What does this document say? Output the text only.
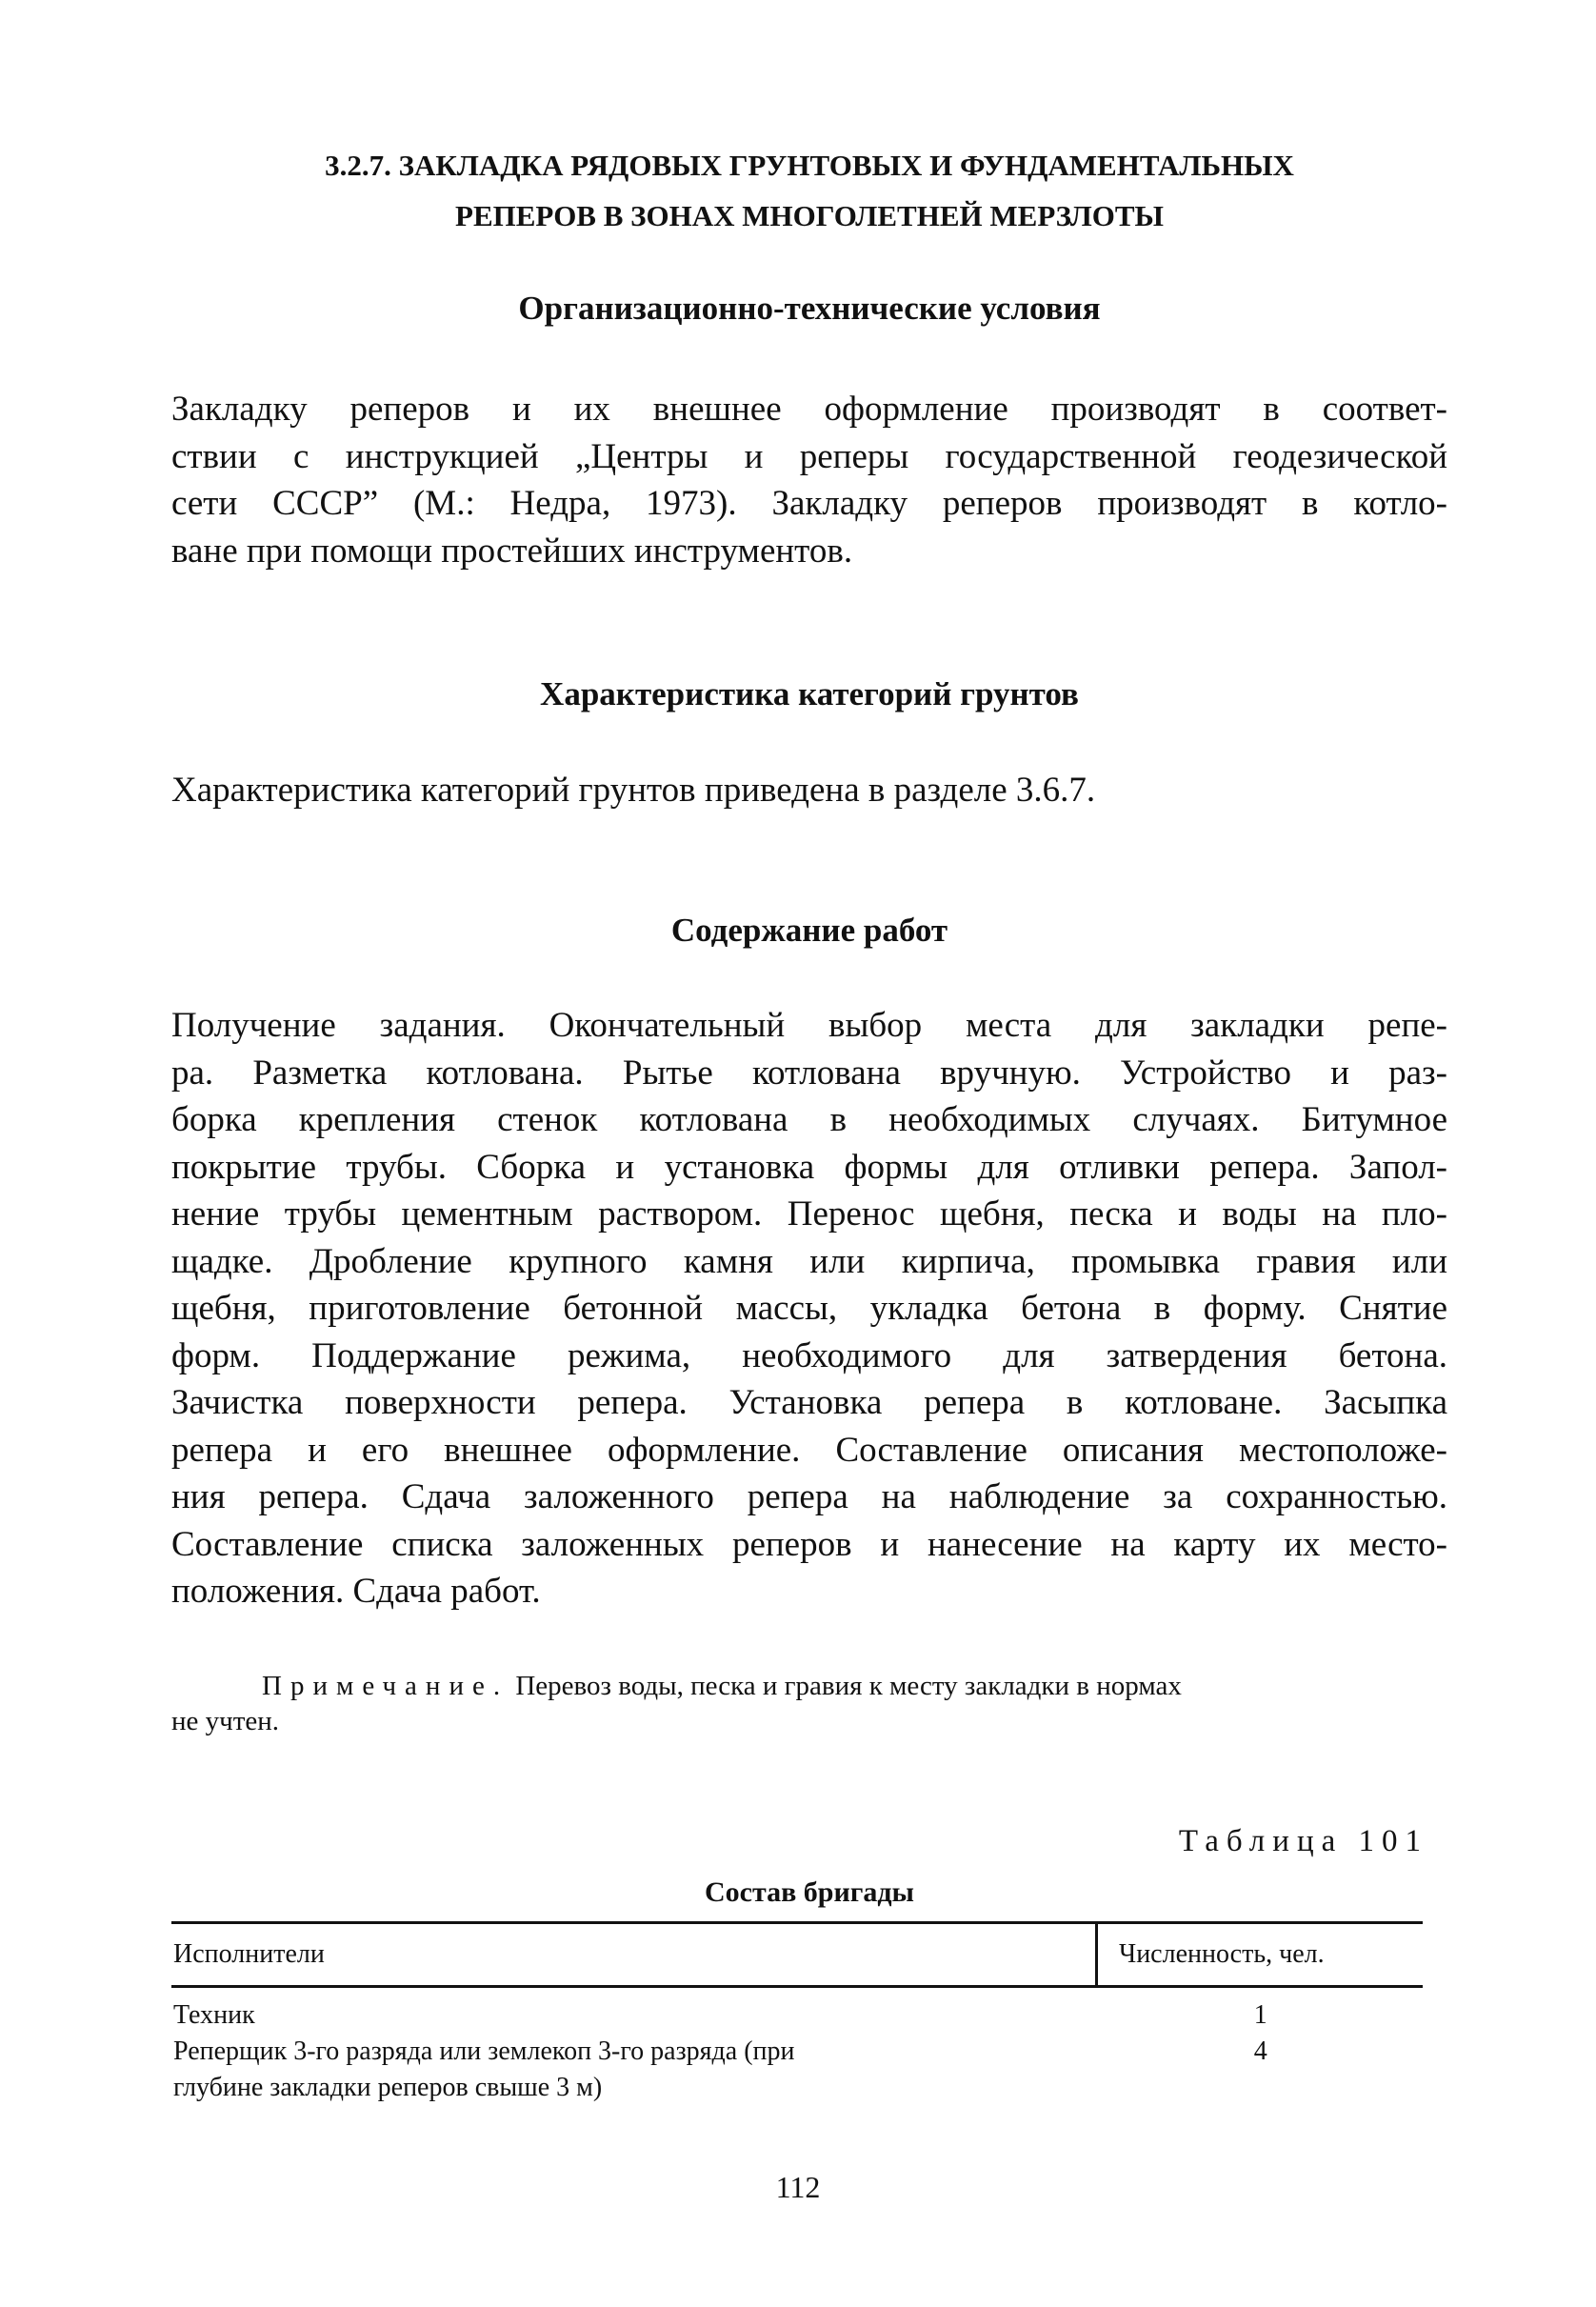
3.2.7. ЗАКЛАДКА РЯДОВЫХ ГРУНТОВЫХ И ФУНДАМЕНТАЛЬНЫХ
РЕПЕРОВ В ЗОНАХ МНОГОЛЕТНЕЙ МЕРЗЛОТЫ
Организационно-технические условия
Закладку реперов и их внешнее оформление производят в соответ-
ствии с инструкцией „Центры и реперы государственной геодезической
сети СССР” (М.: Недра, 1973). Закладку реперов производят в котло-
ване при помощи простейших инструментов.
Характеристика категорий грунтов
Характеристика категорий грунтов приведена в разделе 3.6.7.
Содержание работ
Получение задания. Окончательный выбор места для закладки репе-
ра. Разметка котлована. Рытье котлована вручную. Устройство и раз-
борка крепления стенок котлована в необходимых случаях. Битумное
покрытие трубы. Сборка и установка формы для отливки репера. Запол-
нение трубы цементным раствором. Перенос щебня, песка и воды на пло-
щадке. Дробление крупного камня или кирпича, промывка гравия или
щебня, приготовление бетонной массы, укладка бетона в форму. Снятие
форм. Поддержание режима, необходимого для затвердения бетона.
Зачистка поверхности репера. Установка репера в котловане. Засыпка
репера и его внешнее оформление. Составление описания местоположе-
ния репера. Сдача заложенного репера на наблюдение за сохранностью.
Составление списка заложенных реперов и нанесение на карту их место-
положения. Сдача работ.
Примечание. Перевоз воды, песка и гравия к месту закладки в нормах
не учтен.
Таблица 101
Состав бригады
Исполнители	Численность, чел.

Техник	1

Реперщик 3-го разряда или землекоп 3-го разряда (при
глубине закладки реперов свыше 3 м)	4
112
